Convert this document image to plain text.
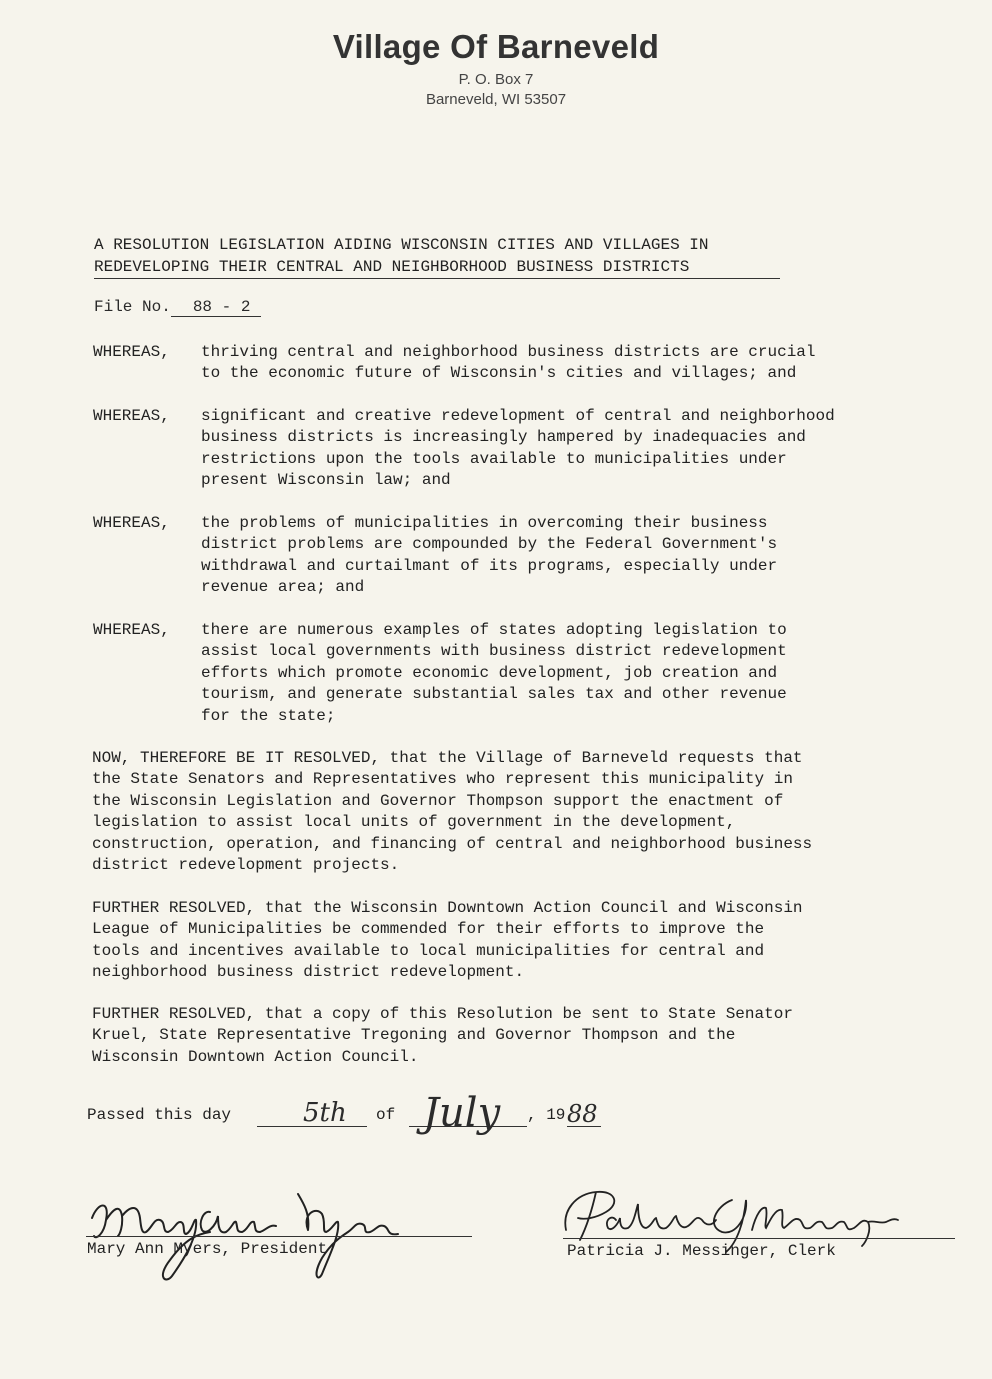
Village Of Barneveld
P. O. Box 7
Barneveld, WI 53507
A RESOLUTION LEGISLATION AIDING WISCONSIN CITIES AND VILLAGES IN
REDEVELOPING THEIR CENTRAL AND NEIGHBORHOOD BUSINESS DISTRICTS
File No. 88 - 2
WHEREAS, thriving central and neighborhood business districts are crucial
to the economic future of Wisconsin's cities and villages; and
WHEREAS, significant and creative redevelopment of central and neighborhood
business districts is increasingly hampered by inadequacies and
restrictions upon the tools available to municipalities under
present Wisconsin law; and
WHEREAS, the problems of municipalities in overcoming their business
district problems are compounded by the Federal Government's
withdrawal and curtailmant of its programs, especially under
revenue area; and
WHEREAS, there are numerous examples of states adopting legislation to
assist local governments with business district redevelopment
efforts which promote economic development, job creation and
tourism, and generate substantial sales tax and other revenue
for the state;
NOW, THEREFORE BE IT RESOLVED, that the Village of Barneveld requests that
the State Senators and Representatives who represent this municipality in
the Wisconsin Legislation and Governor Thompson support the enactment of
legislation to assist local units of government in the development,
construction, operation, and financing of central and neighborhood business
district redevelopment projects.
FURTHER RESOLVED, that the Wisconsin Downtown Action Council and Wisconsin
League of Municipalities be commended for their efforts to improve the
tools and incentives available to local municipalities for central and
neighborhood business district redevelopment.
FURTHER RESOLVED, that a copy of this Resolution be sent to State Senator
Kruel, State Representative Tregoning and Governor Thompson and the
Wisconsin Downtown Action Council.
Passed this day	5th of July , 19 88
Mary Ann Myers, President	Patricia J. Messinger, Clerk
